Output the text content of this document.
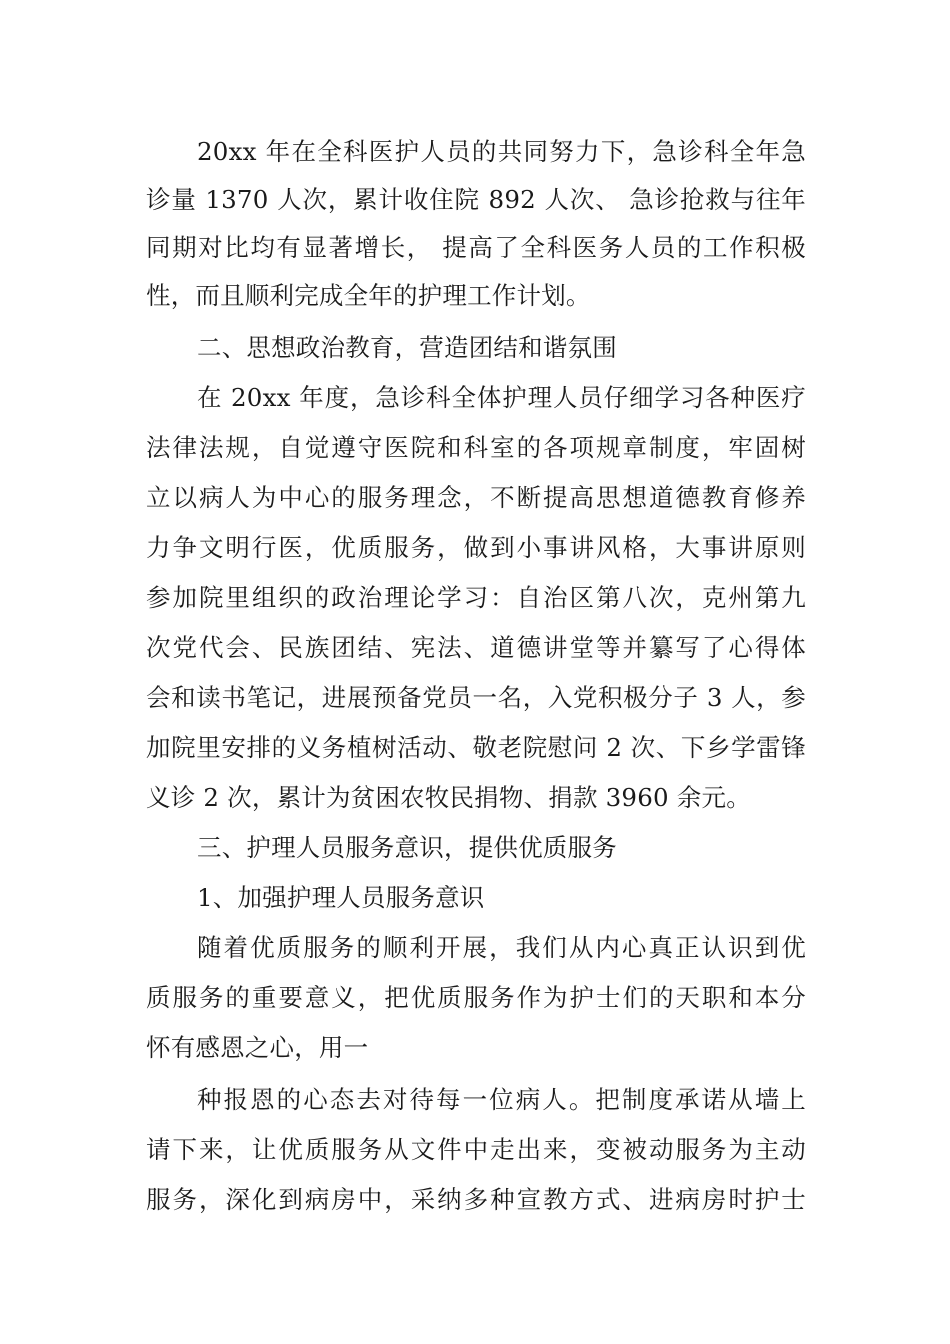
20xx 年在全科医护人员的共同努力下，急诊科全年急
诊量 1370 人次，累计收住院 892 人次、 急诊抢救与往年
同期对比均有显著增长， 提高了全科医务人员的工作积极
性，而且顺利完成全年的护理工作计划。
二、思想政治教育，营造团结和谐氛围
在 20xx 年度，急诊科全体护理人员仔细学习各种医疗
法律法规，自觉遵守医院和科室的各项规章制度，牢固树
立以病人为中心的服务理念，不断提高思想道德教育修养
力争文明行医，优质服务，做到小事讲风格，大事讲原则
参加院里组织的政治理论学习：自治区第八次，克州第九
次党代会、民族团结、宪法、道德讲堂等并纂写了心得体
会和读书笔记，进展预备党员一名，入党积极分子 3 人，参
加院里安排的义务植树活动、敬老院慰问 2 次、下乡学雷锋
义诊 2 次，累计为贫困农牧民捐物、捐款 3960 余元。
三、护理人员服务意识，提供优质服务
1、加强护理人员服务意识
随着优质服务的顺利开展，我们从内心真正认识到优
质服务的重要意义，把优质服务作为护士们的天职和本分
怀有感恩之心，用一
种报恩的心态去对待每一位病人。把制度承诺从墙上
请下来，让优质服务从文件中走出来，变被动服务为主动
服务，深化到病房中，采纳多种宣教方式、进病房时护士
